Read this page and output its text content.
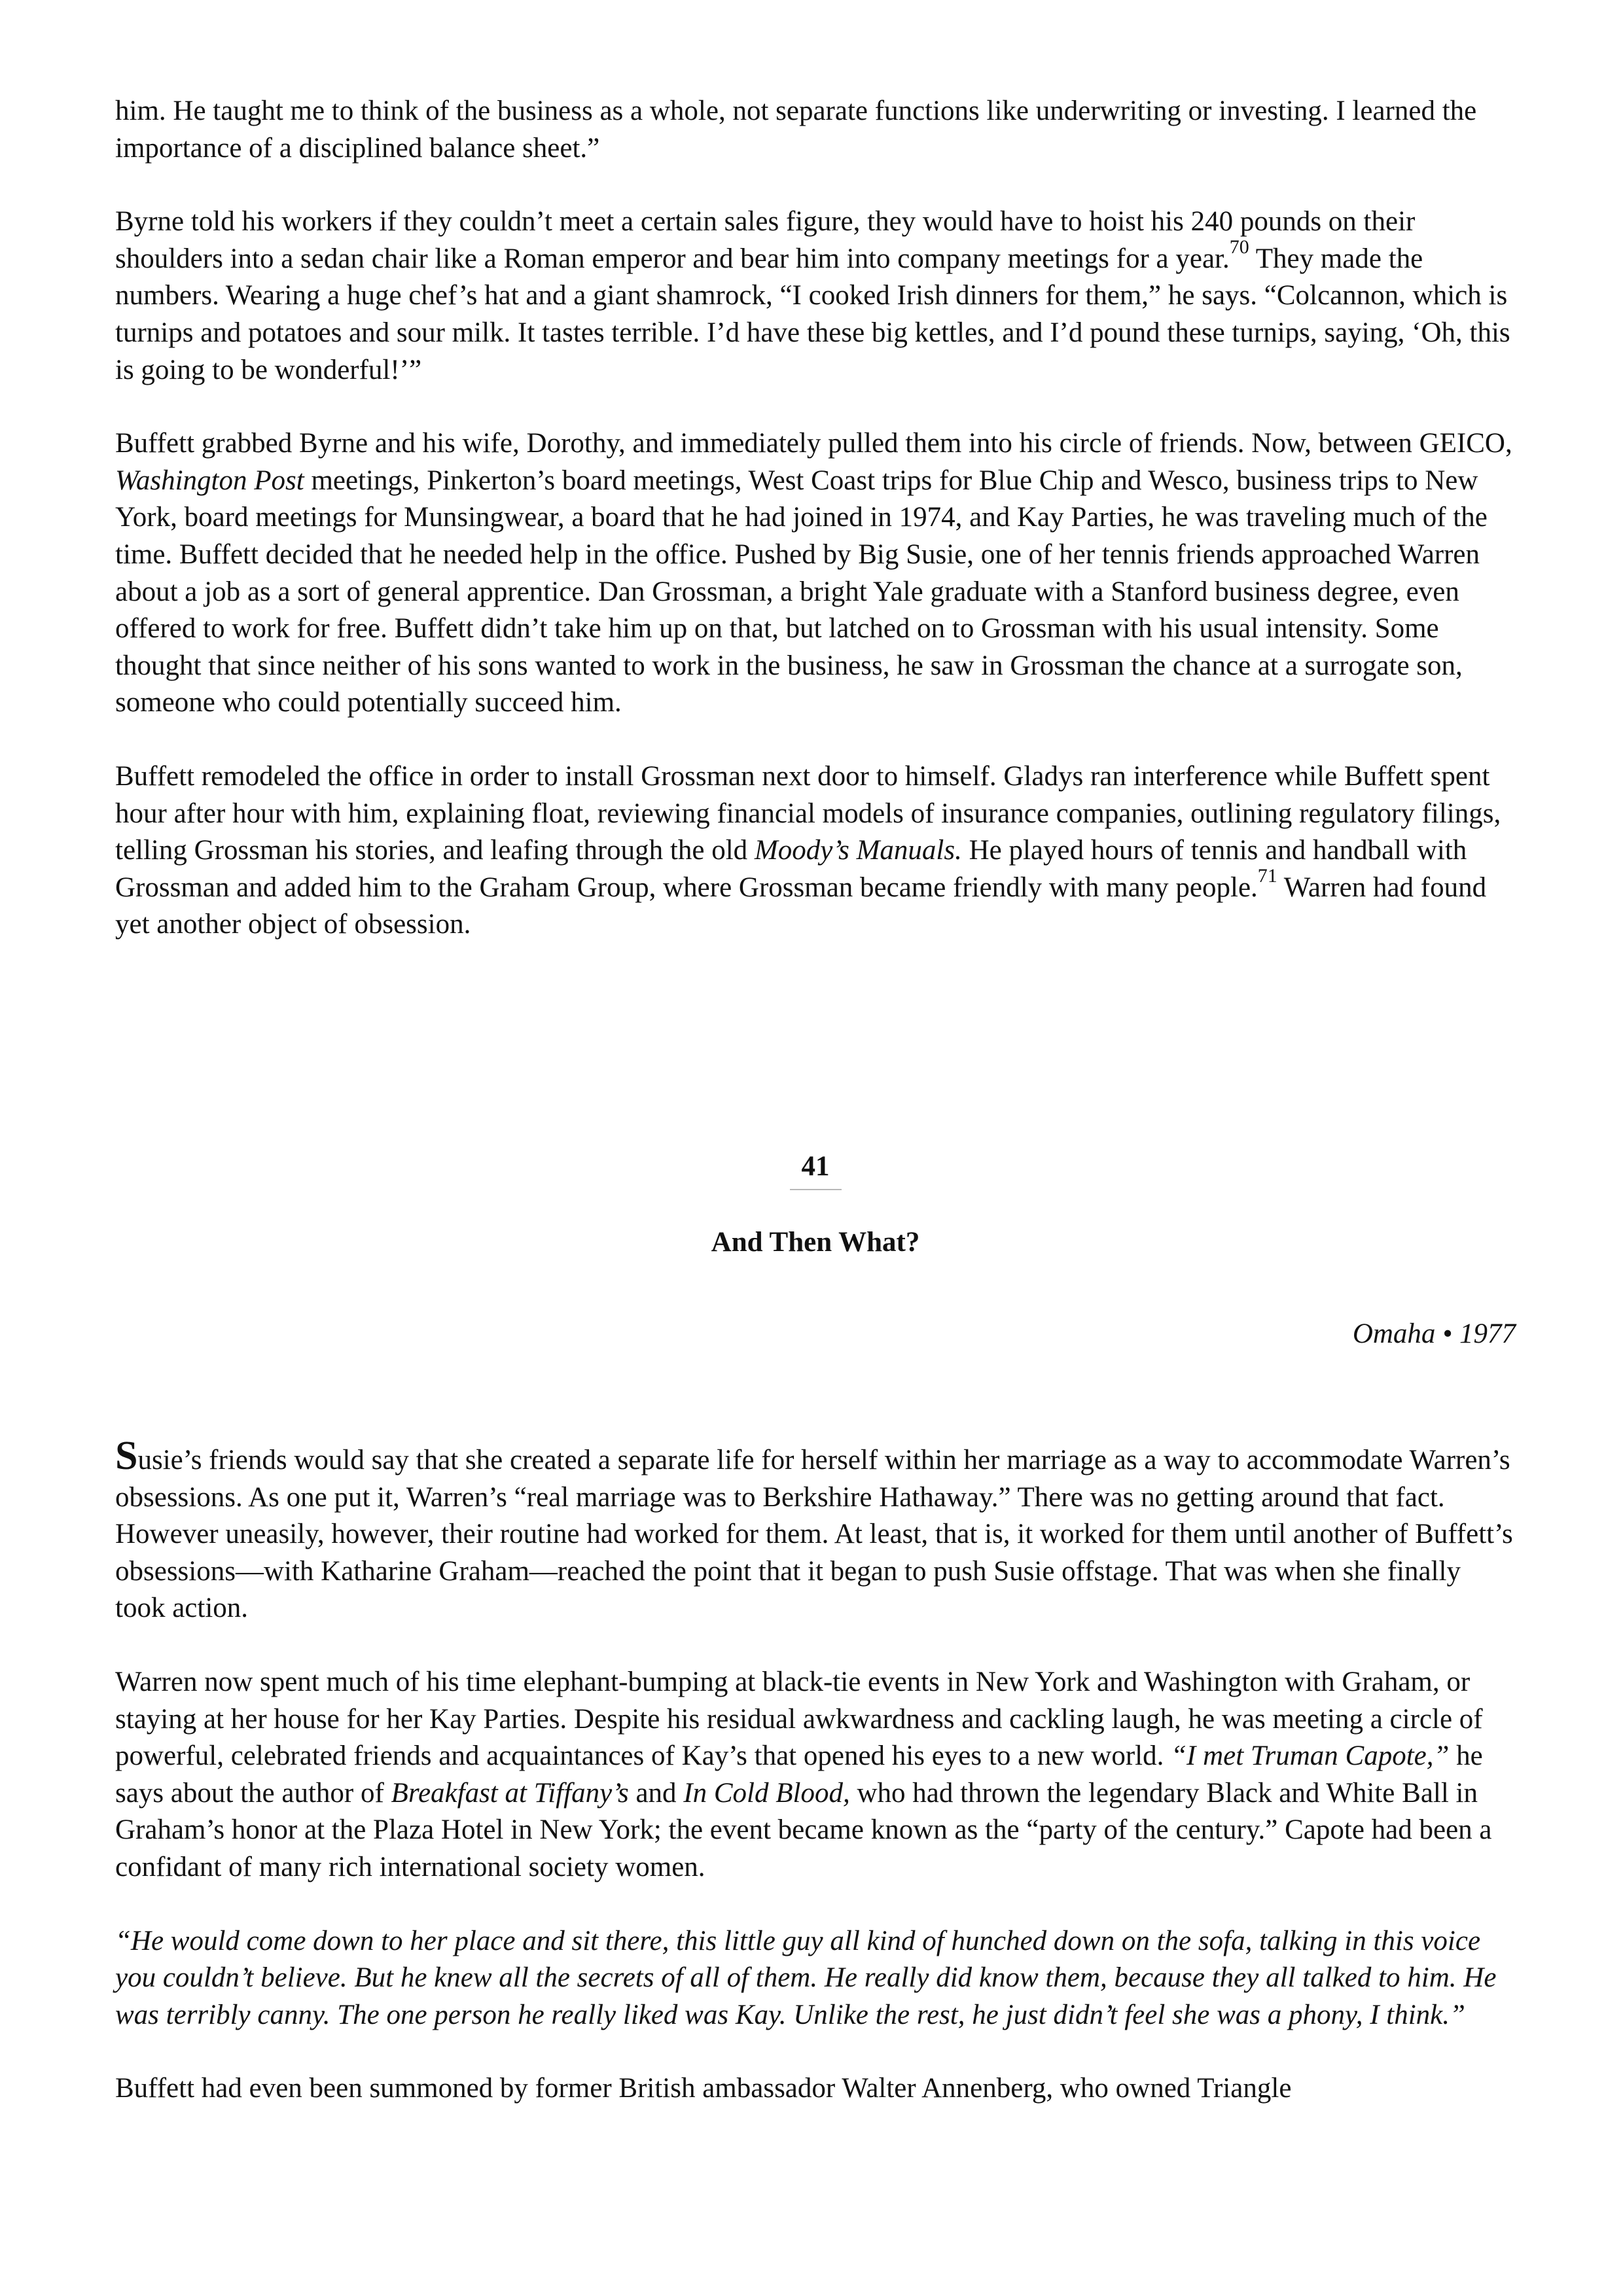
him. He taught me to think of the business as a whole, not separate functions like underwriting or investing. I learned the importance of a disciplined balance sheet.”

Byrne told his workers if they couldn’t meet a certain sales figure, they would have to hoist his 240 pounds on their shoulders into a sedan chair like a Roman emperor and bear him into company meetings for a year.$^{70}$ They made the numbers. Wearing a huge chef’s hat and a giant shamrock, “I cooked Irish dinners for them,” he says. “Colcannon, which is turnips and potatoes and sour milk. It tastes terrible. I’d have these big kettles, and I’d pound these turnips, saying, ‘Oh, this is going to be wonderful!’”

Buffett grabbed Byrne and his wife, Dorothy, and immediately pulled them into his circle of friends. Now, between GEICO, Washington Post meetings, Pinkerton’s board meetings, West Coast trips for Blue Chip and Wesco, business trips to New York, board meetings for Munsingwear, a board that he had joined in 1974, and Kay Parties, he was traveling much of the time. Buffett decided that he needed help in the office. Pushed by Big Susie, one of her tennis friends approached Warren about a job as a sort of general apprentice. Dan Grossman, a bright Yale graduate with a Stanford business degree, even offered to work for free. Buffett didn’t take him up on that, but latched on to Grossman with his usual intensity. Some thought that since neither of his sons wanted to work in the business, he saw in Grossman the chance at a surrogate son, someone who could potentially succeed him.

Buffett remodeled the office in order to install Grossman next door to himself. Gladys ran interference while Buffett spent hour after hour with him, explaining float, reviewing financial models of insurance companies, outlining regulatory filings, telling Grossman his stories, and leafing through the old Moody’s Manuals. He played hours of tennis and handball with Grossman and added him to the Graham Group, where Grossman became friendly with many people.$^{71}$ Warren had found yet another object of obsession.

41
And Then What?
Omaha • 1977

Susie’s friends would say that she created a separate life for herself within her marriage as a way to accommodate Warren’s obsessions. As one put it, Warren’s “real marriage was to Berkshire Hathaway.” There was no getting around that fact. However uneasily, however, their routine had worked for them. At least, that is, it worked for them until another of Buffett’s obsessions—with Katharine Graham—reached the point that it began to push Susie offstage. That was when she finally took action.

Warren now spent much of his time elephant-bumping at black-tie events in New York and Washington with Graham, or staying at her house for her Kay Parties. Despite his residual awkwardness and cackling laugh, he was meeting a circle of powerful, celebrated friends and acquaintances of Kay’s that opened his eyes to a new world. “I met Truman Capote,” he says about the author of Breakfast at Tiffany’s and In Cold Blood, who had thrown the legendary Black and White Ball in Graham’s honor at the Plaza Hotel in New York; the event became known as the “party of the century.” Capote had been a confidant of many rich international society women.

“He would come down to her place and sit there, this little guy all kind of hunched down on the sofa, talking in this voice you couldn’t believe. But he knew all the secrets of all of them. He really did know them, because they all talked to him. He was terribly canny. The one person he really liked was Kay. Unlike the rest, he just didn’t feel she was a phony, I think.”

Buffett had even been summoned by former British ambassador Walter Annenberg, who owned Triangle
